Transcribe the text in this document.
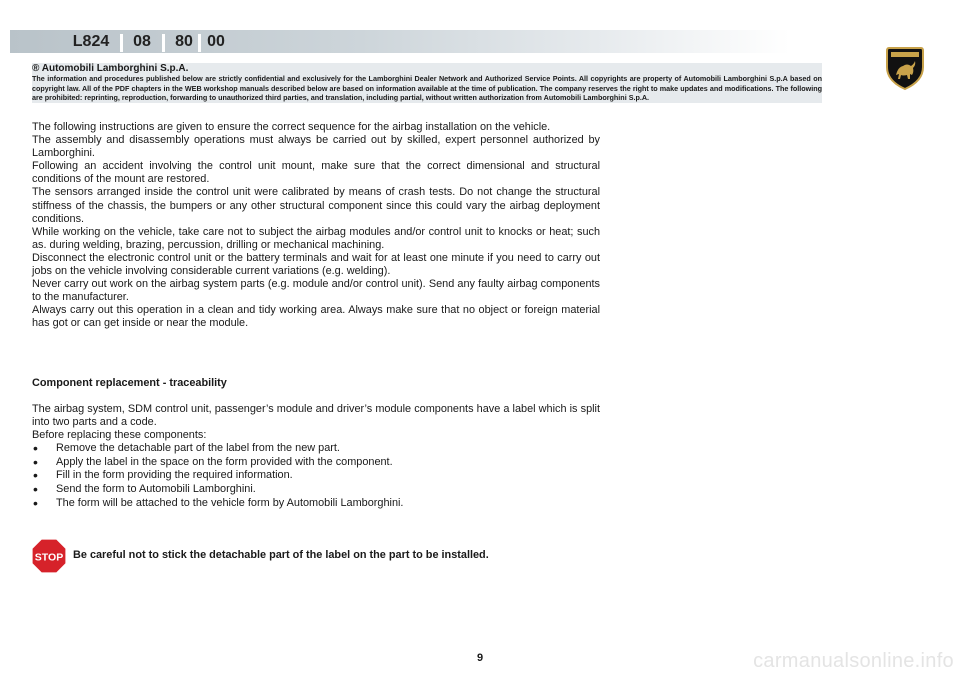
L824	08	80 00
® Automobili Lamborghini S.p.A.
The information and procedures published below are strictly confidential and exclusively for the Lamborghini Dealer Network and Authorized Service Points. All copyrights are property of Automobili Lamborghini S.p.A based on copyright law. All of the PDF chapters in the WEB workshop manuals described below are based on information available at the time of publication. The company reserves the right to make updates and modifications. The following are prohibited: reprinting, reproduction, forwarding to unauthorized third parties, and translation, including partial, without written authorization from Automobili Lamborghini S.p.A.

The following instructions are given to ensure the correct sequence for the airbag installation on the vehicle.

The assembly and disassembly operations must always be carried out by skilled, expert personnel authorized by Lamborghini.

Following an accident involving the control unit mount, make sure that the correct dimensional and structural conditions of the mount are restored.

The sensors arranged inside the control unit were calibrated by means of crash tests. Do not change the structural stiffness of the chassis, the bumpers or any other structural component since this could vary the airbag deployment conditions.

While working on the vehicle, take care not to subject the airbag modules and/or control unit to knocks or heat; such as. during welding, brazing, percussion, drilling or mechanical machining.

Disconnect the electronic control unit or the battery terminals and wait for at least one minute if you need to carry out jobs on the vehicle involving considerable current variations (e.g. welding).

Never carry out work on the airbag system parts (e.g. module and/or control unit). Send any faulty airbag components to the manufacturer.

Always carry out this operation in a clean and tidy working area. Always make sure that no object or foreign material has got or can get inside or near the module.

Component replacement - traceability

The airbag system, SDM control unit, passenger’s module and driver’s module components have a label which is split into two parts and a code.

Before replacing these components:

• Remove the detachable part of the label from the new part.
• Apply the label in the space on the form provided with the component.
• Fill in the form providing the required information.
• Send the form to Automobili Lamborghini.
• The form will be attached to the vehicle form by Automobili Lamborghini.
STOP Be careful not to stick the detachable part of the label on the part to be installed.
9	carmanualsonline.info
